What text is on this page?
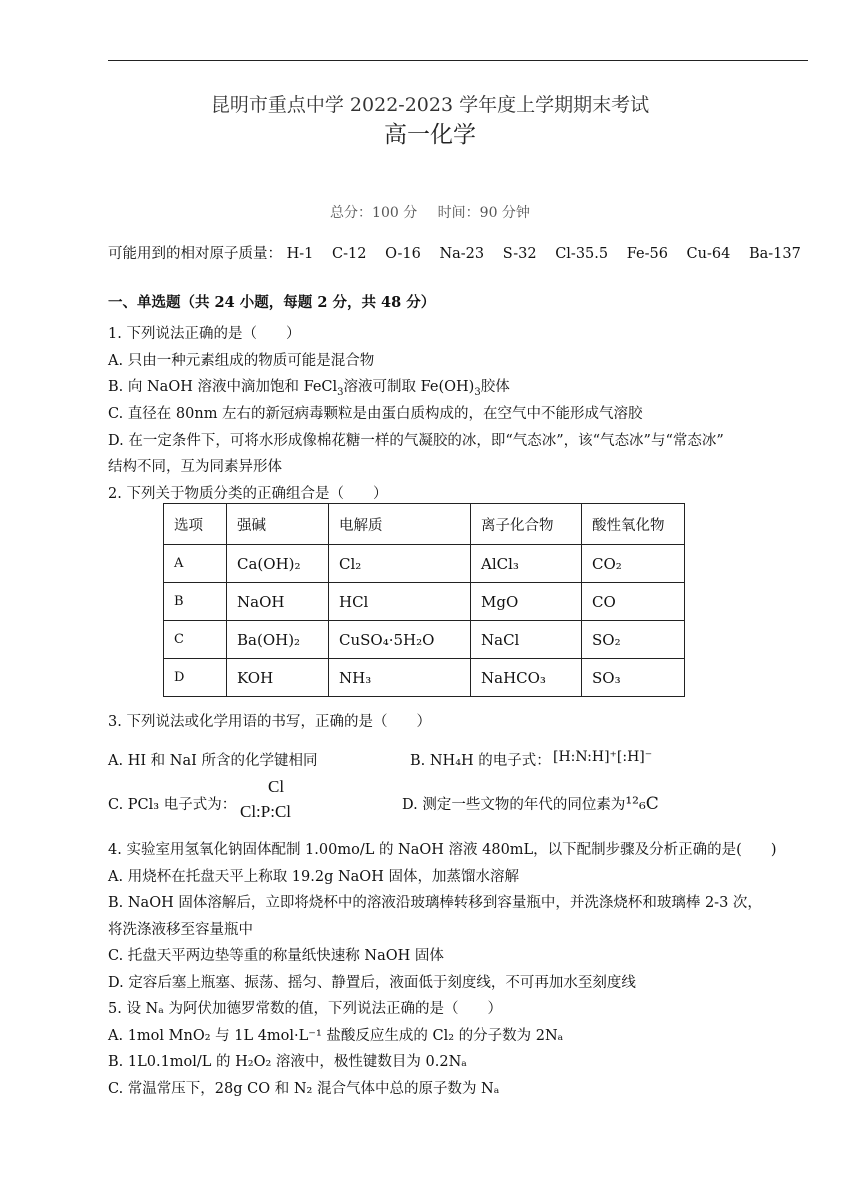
昆明市重点中学 2022-2023 学年度上学期期末考试
高一化学
总分：100 分 时间：90 分钟
可能用到的相对原子质量： H-1 C-12 O-16 Na-23 S-32 Cl-35.5 Fe-56 Cu-64 Ba-137
一、单选题（共 24 小题，每题 2 分，共 48 分）
1. 下列说法正确的是（　　）
A. 只由一种元素组成的物质可能是混合物
B. 向 NaOH 溶液中滴加饱和 FeCl$_3$溶液可制取 $Fe(OH)_3$胶体
C. 直径在 80nm 左右的新冠病毒颗粒是由蛋白质构成的，在空气中不能形成气溶胶
D. 在一定条件下，可将水形成像棉花糖一样的气凝胶的冰，即“气态冰”，该“气态冰”与“常态冰”
结构不同，互为同素异形体
2. 下列关于物质分类的正确组合是（　　）
选项	强碱	电解质	离子化合物	酸性氧化物
A	Ca(OH)₂	Cl₂	AlCl₃	CO₂
B	NaOH	HCl	MgO	CO
C	Ba(OH)₂	CuSO₄·5H₂O	NaCl	SO₂
D	KOH	NH₃	NaHCO₃	SO₃
3. 下列说法或化学用语的书写，正确的是（　　）
A. HI 和 NaI 所含的化学键相同	B. NH₄H 的电子式： [H:N:H]⁺[:H]⁻
C. PCl₃ 电子式为：
Cl
Cl:P:Cl	D. 测定一些文物的年代的同位素为¹²₆C
4. 实验室用氢氧化钠固体配制 1.00mo/L 的 NaOH 溶液 480mL，以下配制步骤及分析正确的是(　　)
A. 用烧杯在托盘天平上称取 19.2g NaOH 固体，加蒸馏水溶解
B. NaOH 固体溶解后，立即将烧杯中的溶液沿玻璃棒转移到容量瓶中，并洗涤烧杯和玻璃棒 2-3 次，
将洗涤液移至容量瓶中
C. 托盘天平两边垫等重的称量纸快速称 NaOH 固体
D. 定容后塞上瓶塞、振荡、摇匀、静置后，液面低于刻度线，不可再加水至刻度线
5. 设 Nₐ 为阿伏加德罗常数的值，下列说法正确的是（　　）
A. 1mol MnO₂ 与 1L 4mol·L⁻¹ 盐酸反应生成的 Cl₂ 的分子数为 2Nₐ
B. 1L0.1mol/L 的 H₂O₂ 溶液中，极性键数目为 0.2Nₐ
C. 常温常压下，28g CO 和 N₂ 混合气体中总的原子数为 Nₐ
